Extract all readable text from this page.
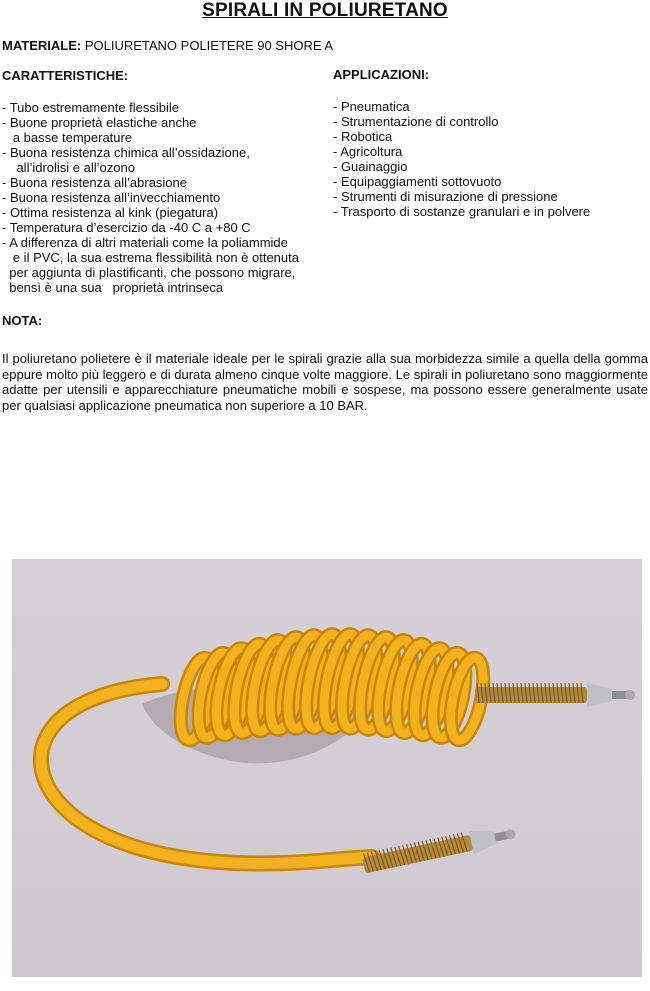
SPIRALI IN POLIURETANO
MATERIALE: POLIURETANO POLIETERE 90 SHORE A
CARATTERISTICHE:
- Tubo estremamente flessibile
- Buone proprietà elastiche anche
a basse temperature
- Buona resistenza chimica all’ossidazione,
all’idrolisi e all’ozono
- Buona resistenza all’abrasione
- Buona resistenza all’invecchiamento
- Ottima resistenza al kink (piegatura)
- Temperatura d’esercizio da -40 C a +80 C
- A differenza di altri materiali come la poliammide
e il PVC, la sua estrema flessibilità non è ottenuta
per aggiunta di plastificanti, che possono migrare,
bensì è una sua   proprietà intrinseca
APPLICAZIONI:
- Pneumatica
- Strumentazione di controllo
- Robotica
- Agricoltura
- Guainaggio
- Equipaggiamenti sottovuoto
- Strumenti di misurazione di pressione
- Trasporto di sostanze granulari e in polvere
NOTA:

Il poliuretano polietere è il materiale ideale per le spirali grazie alla sua morbidezza simile a quella della gomma eppure molto più leggero e di durata almeno cinque volte maggiore. Le spirali in poliuretano sono maggiormente adatte per utensili e apparecchiature pneumatiche mobili e sospese, ma possono essere generalmente usate per qualsiasi applicazione pneumatica non superiore a 10 BAR.
